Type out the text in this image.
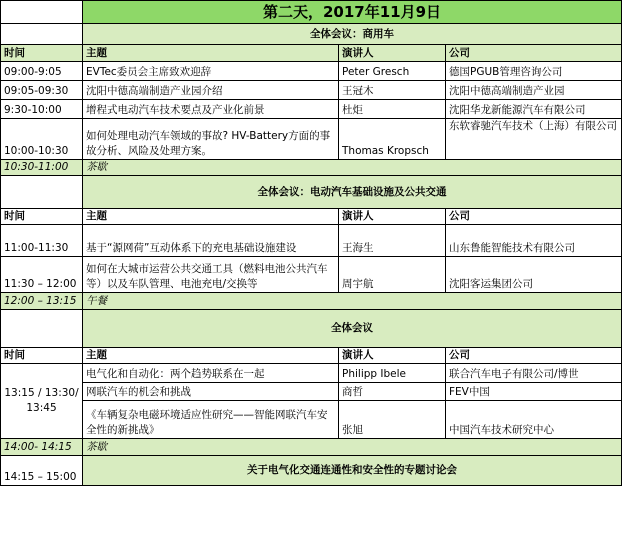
	第二天，2017年11月9日		
	全体会议：商用车		
时间	主题	演讲人	公司
09:00-9:05	EVTec委员会主席致欢迎辞	Peter Gresch	德国PGUB管理咨询公司
09:05-09:30	沈阳中德高端制造产业园介绍	王冠木	沈阳中德高端制造产业园
9:30-10:00	增程式电动汽车技术要点及产业化前景	杜炬	沈阳华龙新能源汽车有限公司
10:00-10:30	如何处理电动汽车领域的事故? HV-Battery方面的事故分析、风险及处理方案。	Thomas Kropsch	东软睿驰汽车技术（上海）有限公司
10:30-11:00	茶歇		
	全体会议：电动汽车基础设施及公共交通		
时间	主题	演讲人	公司
11:00-11:30	基于“源网荷”互动体系下的充电基础设施建设	王海生	山东鲁能智能技术有限公司
11:30 – 12:00	如何在大城市运营公共交通工具（燃料电池公共汽车等）以及车队管理、电池充电/交换等	周宇航	沈阳客运集团公司
12:00 – 13:15	午餐		
	全体会议		
时间	主题	演讲人	公司
13:15 / 13:30/ 13:45	电气化和自动化：两个趋势联系在一起	Philipp Ibele	联合汽车电子有限公司/博世
	网联汽车的机会和挑战	商哲	FEV中国
	《车辆复杂电磁环境适应性研究——智能网联汽车安全性的新挑战》	张旭	中国汽车技术研究中心
14:00- 14:15	茶歇		
14:15 – 15:00	关于电气化交通连通性和安全性的专题讨论会		
